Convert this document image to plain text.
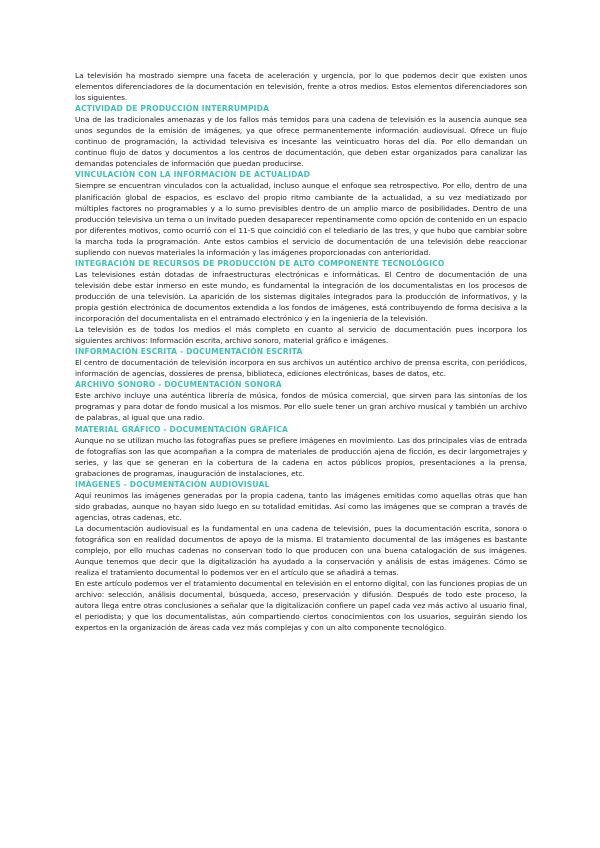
La televisión ha mostrado siempre una faceta de aceleración y urgencia, por lo que podemos decir que existen unos elementos diferenciadores de la documentación en televisión, frente a otros medios. Estos elementos diferenciadores son los siguientes.

ACTIVIDAD DE PRODUCCIÓN INTERRUMPIDA

Una de las tradicionales amenazas y de los fallos más temidos para una cadena de televisión es la ausencia aunque sea unos segundos de la emisión de imágenes, ya que ofrece permanentemente información audiovisual. Ofrece un flujo continuo de programación, la actividad televisiva es incesante las veinticuatro horas del día. Por ello demandan un continuo flujo de datos y documentos a los centros de documentación, que deben estar organizados para canalizar las demandas potenciales de información que puedan producirse.

VINCULACIÓN CON LA INFORMACIÓN DE ACTUALIDAD

Siempre se encuentran vinculados con la actualidad, incluso aunque el enfoque sea retrospectivo. Por ello, dentro de una planificación global de espacios, es esclavo del propio ritmo cambiante de la actualidad, a su vez mediatizado por múltiples factores no programables y a lo sumo previsibles dentro de un amplio marco de posibilidades. Dentro de una producción televisiva un tema o un invitado pueden desaparecer repentinamente como opción de contenido en un espacio por diferentes motivos, como ocurrió con el 11-S que coincidió con el telediario de las tres, y que hubo que cambiar sobre la marcha toda la programación. Ante estos cambios el servicio de documentación de una televisión debe reaccionar supliendo con nuevos materiales la información y las imágenes proporcionadas con anterioridad.

INTEGRACIÓN DE RECURSOS DE PRODUCCIÓN DE ALTO COMPONENTE TECNOLÓGICO

Las televisiones están dotadas de infraestructuras electrónicas e informáticas. El Centro de documentación de una televisión debe estar inmerso en este mundo, es fundamental la integración de los documentalistas en los procesos de producción de una televisión. La aparición de los sistemas digitales integrados para la producción de informativos, y la propia gestión electrónica de documentos extendida a los fondos de imágenes, está contribuyendo de forma decisiva a la incorporación del documentalista en el entramado electrónico y en la ingeniería de la televisión.

La televisión es de todos los medios el más completo en cuanto al servicio de documentación pues incorpora los siguientes archivos: Información escrita, archivo sonoro, material gráfico e imágenes.

INFORMACIÓN ESCRITA - DOCUMENTACIÓN ESCRITA

El centro de documentación de televisión incorpora en sus archivos un auténtico archivo de prensa escrita, con periódicos, información de agencias, dossieres de prensa, biblioteca, ediciones electrónicas, bases de datos, etc.

ARCHIVO SONORO - DOCUMENTACIÓN SONORA

Este archivo incluye una auténtica librería de música, fondos de música comercial, que sirven para las sintonías de los programas y para dotar de fondo musical a los mismos. Por ello suele tener un gran archivo musical y también un archivo de palabras, al igual que una radio.

MATERIAL GRÁFICO - DOCUMENTACIÓN GRÁFICA

Aunque no se utilizan mucho las fotografías pues se prefiere imágenes en movimiento. Las dos principales vías de entrada de fotografías son las que acompañan a la compra de materiales de producción ajena de ficción, es decir largometrajes y series, y las que se generan en la cobertura de la cadena en actos públicos propios, presentaciones a la prensa, grabaciones de programas, inauguración de instalaciones, etc.

IMÁGENES - DOCUMENTACIÓN AUDIOVISUAL

Aquí reunimos las imágenes generadas por la propia cadena, tanto las imágenes emitidas como aquellas otras que han sido grabadas, aunque no hayan sido luego en su totalidad emitidas. Así como las imágenes que se compran a través de agencias, otras cadenas, etc.

La documentación audiovisual es la fundamental en una cadena de televisión, pues la documentación escrita, sonora o fotográfica son en realidad documentos de apoyo de la misma. El tratamiento documental de las imágenes es bastante complejo, por ello muchas cadenas no conservan todo lo que producen con una buena catalogación de sus imágenes. Aunque tenemos que decir que la digitalización ha ayudado a la conservación y análisis de estas imágenes. Cómo se realiza el tratamiento documental lo podemos ver en el artículo que se añadirá a temas.

En este artículo podemos ver el tratamiento documental en televisión en el entorno digital, con las funciones propias de un archivo: selección, análisis documental, búsqueda, acceso, preservación y difusión. Después de todo este proceso, la autora llega entre otras conclusiones a señalar que la digitalización confiere un papel cada vez más activo al usuario final, el periodista; y que los documentalistas, aún compartiendo ciertos conocimientos con los usuarios, seguirán siendo los expertos en la organización de áreas cada vez más complejas y con un alto componente tecnológico.
